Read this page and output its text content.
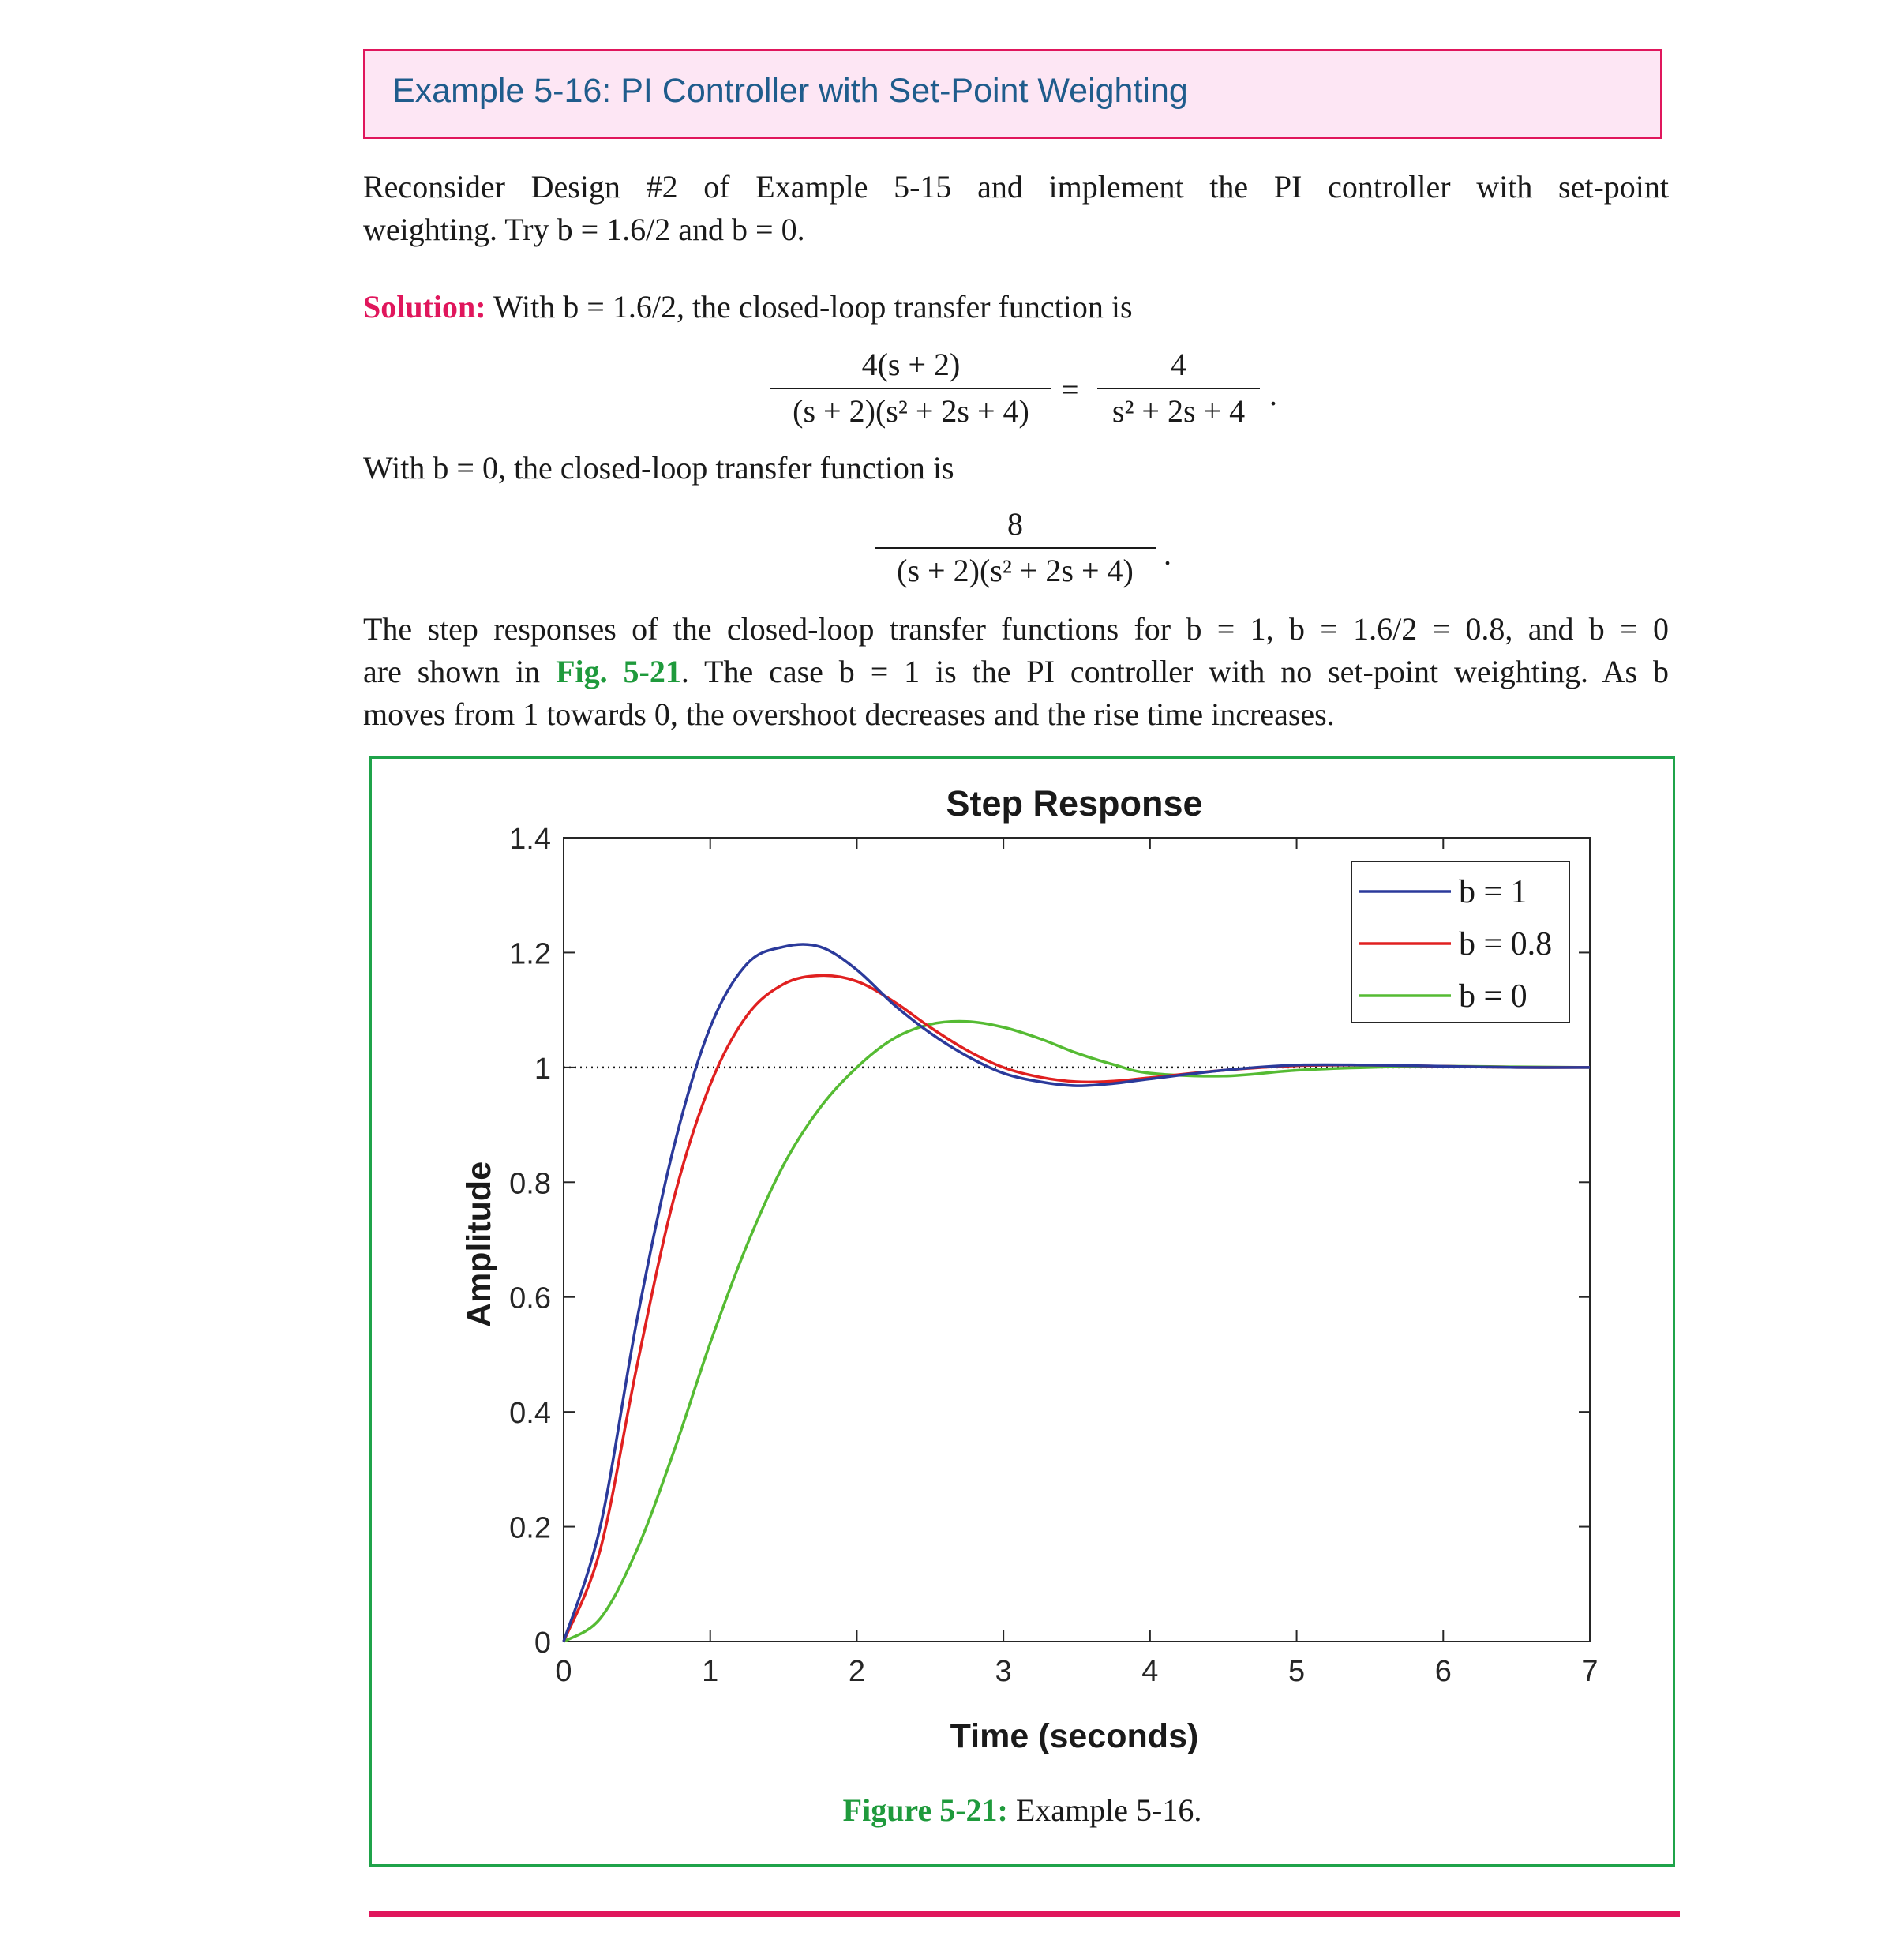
Example 5-16: PI Controller with Set-Point Weighting
Reconsider Design #2 of Example 5-15 and implement the PI controller with set-point
weighting. Try b = 1.6/2 and b = 0.
Solution: With b = 1.6/2, the closed-loop transfer function is
4(s + 2)
(s + 2)(s² + 2s + 4)
=
4
s² + 2s + 4 .
With b = 0, the closed-loop transfer function is
8
(s + 2)(s² + 2s + 4) .
The step responses of the closed-loop transfer functions for b = 1, b = 1.6/2 = 0.8, and b = 0
are shown in Fig. 5-21. The case b = 1 is the PI controller with no set-point weighting. As b
moves from 1 towards 0, the overshoot decreases and the rise time increases.
0	1	2	3	4	5	6	7
0
0.2
0.4
0.6
0.8
1
1.2
1.4
b = 1
b = 0.8
b = 0
Step Response
Time (seconds)
Amplitude
Figure 5-21: Example 5-16.
